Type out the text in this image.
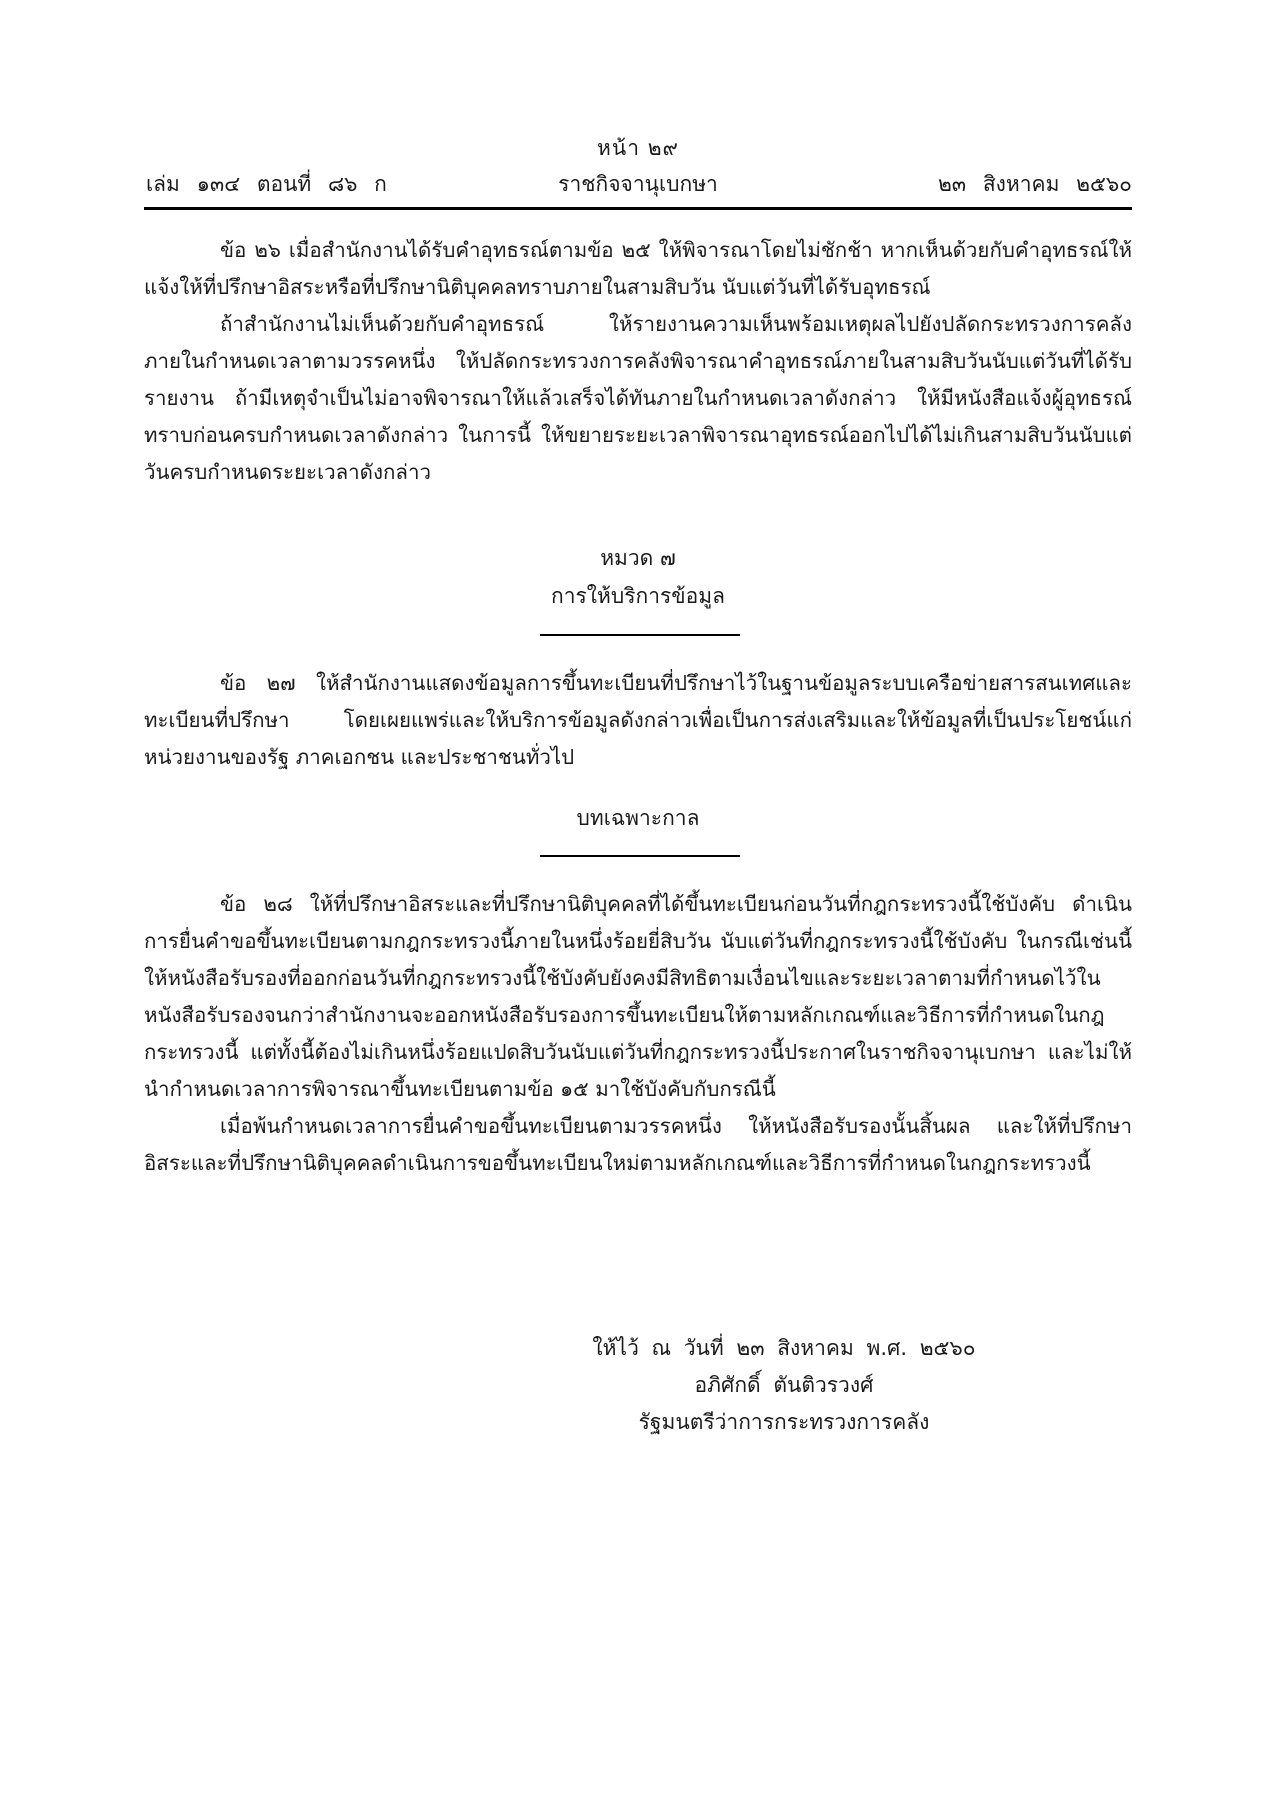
หน้า ๒๙
เล่ม ๑๓๔ ตอนที่ ๘๖ ก	ราชกิจจานุเบกษา	๒๓ สิงหาคม ๒๕๖๐

ข้อ ๒๖ เมื่อสำนักงานได้รับคำอุทธรณ์ตามข้อ ๒๕ ให้พิจารณาโดยไม่ชักช้า หากเห็นด้วยกับคำอุทธรณ์ให้แจ้งให้ที่ปรึกษาอิสระหรือที่ปรึกษานิติบุคคลทราบภายในสามสิบวัน นับแต่วันที่ได้รับอุทธรณ์

ถ้าสำนักงานไม่เห็นด้วยกับคำอุทธรณ์ ให้รายงานความเห็นพร้อมเหตุผลไปยังปลัดกระทรวงการคลังภายในกำหนดเวลาตามวรรคหนึ่ง ให้ปลัดกระทรวงการคลังพิจารณาคำอุทธรณ์ภายในสามสิบวันนับแต่วันที่ได้รับรายงาน ถ้ามีเหตุจำเป็นไม่อาจพิจารณาให้แล้วเสร็จได้ทันภายในกำหนดเวลาดังกล่าว ให้มีหนังสือแจ้งผู้อุทธรณ์ทราบก่อนครบกำหนดเวลาดังกล่าว ในการนี้ ให้ขยายระยะเวลาพิจารณาอุทธรณ์ออกไปได้ไม่เกินสามสิบวันนับแต่วันครบกำหนดระยะเวลาดังกล่าว

หมวด ๗
การให้บริการข้อมูล

ข้อ ๒๗ ให้สำนักงานแสดงข้อมูลการขึ้นทะเบียนที่ปรึกษาไว้ในฐานข้อมูลระบบเครือข่ายสารสนเทศและทะเบียนที่ปรึกษา โดยเผยแพร่และให้บริการข้อมูลดังกล่าวเพื่อเป็นการส่งเสริมและให้ข้อมูลที่เป็นประโยชน์แก่หน่วยงานของรัฐ ภาคเอกชน และประชาชนทั่วไป

บทเฉพาะกาล

ข้อ ๒๘ ให้ที่ปรึกษาอิสระและที่ปรึกษานิติบุคคลที่ได้ขึ้นทะเบียนก่อนวันที่กฎกระทรวงนี้ใช้บังคับ ดำเนินการยื่นคำขอขึ้นทะเบียนตามกฎกระทรวงนี้ภายในหนึ่งร้อยยี่สิบวัน นับแต่วันที่กฎกระทรวงนี้ใช้บังคับ ในกรณีเช่นนี้ให้หนังสือรับรองที่ออกก่อนวันที่กฎกระทรวงนี้ใช้บังคับยังคงมีสิทธิตามเงื่อนไขและระยะเวลาตามที่กำหนดไว้ในหนังสือรับรองจนกว่าสำนักงานจะออกหนังสือรับรองการขึ้นทะเบียนให้ตามหลักเกณฑ์และวิธีการที่กำหนดในกฎกระทรวงนี้ แต่ทั้งนี้ต้องไม่เกินหนึ่งร้อยแปดสิบวันนับแต่วันที่กฎกระทรวงนี้ประกาศในราชกิจจานุเบกษา และไม่ให้นำกำหนดเวลาการพิจารณาขึ้นทะเบียนตามข้อ ๑๕ มาใช้บังคับกับกรณีนี้

เมื่อพ้นกำหนดเวลาการยื่นคำขอขึ้นทะเบียนตามวรรคหนึ่ง ให้หนังสือรับรองนั้นสิ้นผล และให้ที่ปรึกษาอิสระและที่ปรึกษานิติบุคคลดำเนินการขอขึ้นทะเบียนใหม่ตามหลักเกณฑ์และวิธีการที่กำหนดในกฎกระทรวงนี้

ให้ไว้ ณ วันที่ ๒๓ สิงหาคม พ.ศ. ๒๕๖๐
อภิศักดิ์ ตันติวรวงศ์
รัฐมนตรีว่าการกระทรวงการคลัง
